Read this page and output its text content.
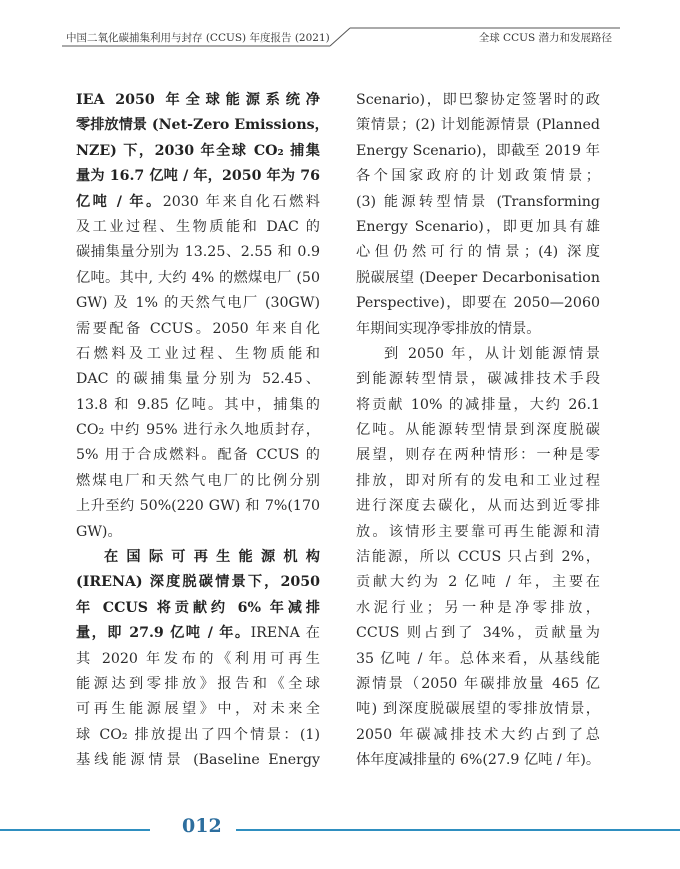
中国二氧化碳捕集利用与封存 (CCUS) 年度报告 (2021)	全球 CCUS 潜力和发展路径
IEA 2050 年全球能源系统净
零排放情景 (Net-Zero Emissions，
NZE) 下，2030 年全球 CO₂ 捕集
量为 16.7 亿吨 / 年，2050 年为 76
亿吨 / 年。2030 年来自化石燃料
及工业过程、生物质能和 DAC 的
碳捕集量分别为 13.25、2.55 和 0.9
亿吨。其中, 大约 4% 的燃煤电厂 (50
GW) 及 1% 的天然气电厂 (30GW)
需要配备 CCUS。2050 年来自化
石燃料及工业过程、生物质能和
DAC 的碳捕集量分别为 52.45、
13.8 和 9.85 亿吨。其中，捕集的
CO₂ 中约 95% 进行永久地质封存，
5% 用于合成燃料。配备 CCUS 的
燃煤电厂和天然气电厂的比例分别
上升至约 50%(220 GW) 和 7%(170
GW)。
在国际可再生能源机构
(IRENA) 深度脱碳情景下，2050
年 CCUS 将贡献约 6% 年减排
量，即 27.9 亿吨 / 年。IRENA 在
其 2020 年发布的《利用可再生
能源达到零排放》报告和《全球
可再生能源展望》中，对未来全
球 CO₂ 排放提出了四个情景：(1)
基线能源情景 (Baseline Energy
Scenario)，即巴黎协定签署时的政
策情景；(2) 计划能源情景 (Planned
Energy Scenario)，即截至 2019 年
各个国家政府的计划政策情景；
(3) 能源转型情景 (Transforming
Energy Scenario)，即更加具有雄
心但仍然可行的情景；(4) 深度
脱碳展望 (Deeper Decarbonisation
Perspective)，即要在 2050—2060
年期间实现净零排放的情景。
到 2050 年，从计划能源情景
到能源转型情景，碳减排技术手段
将贡献 10% 的减排量，大约 26.1
亿吨。从能源转型情景到深度脱碳
展望，则存在两种情形：一种是零
排放，即对所有的发电和工业过程
进行深度去碳化，从而达到近零排
放。该情形主要靠可再生能源和清
洁能源，所以 CCUS 只占到 2%，
贡献大约为 2 亿吨 / 年，主要在
水泥行业；另一种是净零排放，
CCUS 则占到了 34%，贡献量为
35 亿吨 / 年。总体来看，从基线能
源情景（2050 年碳排放量 465 亿
吨) 到深度脱碳展望的零排放情景，
2050 年碳减排技术大约占到了总
体年度减排量的 6%(27.9 亿吨 / 年)。
012
